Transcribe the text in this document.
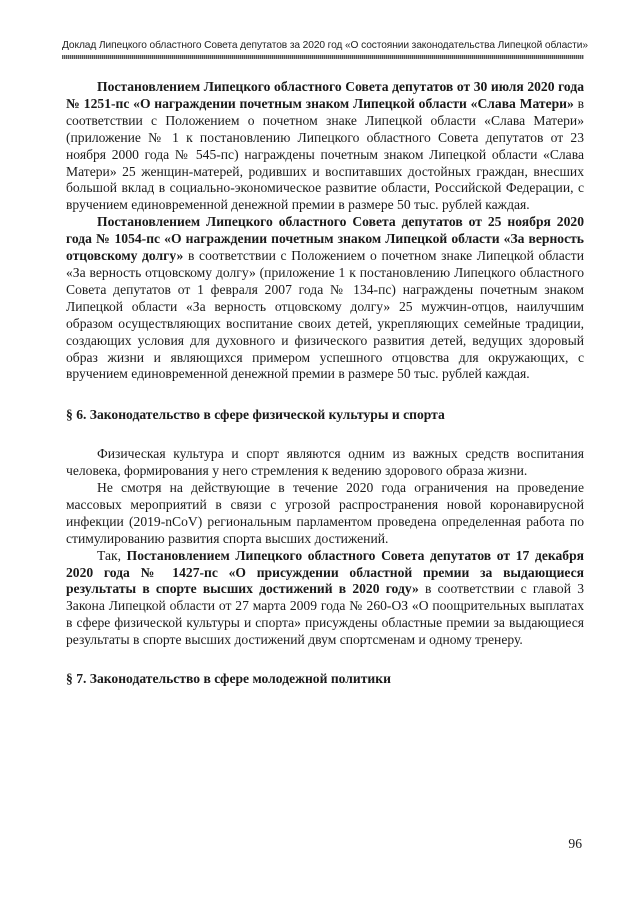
Доклад Липецкого областного Совета депутатов за 2020 год «О состоянии законодательства Липецкой области»

Постановлением Липецкого областного Совета депутатов от 30 июля 2020 года № 1251-пс «О награждении почетным знаком Липецкой области «Слава Матери» в соответствии с Положением о почетном знаке Липецкой области «Слава Матери» (приложение № 1 к постановлению Липецкого областного Совета депутатов от 23 ноября 2000 года № 545-пс) награждены почетным знаком Липецкой области «Слава Матери» 25 женщин-матерей, родивших и воспитавших достойных граждан, внесших большой вклад в социально-экономическое развитие области, Российской Федерации, с вручением единовременной денежной премии в размере 50 тыс. рублей каждая.

Постановлением Липецкого областного Совета депутатов от 25 ноября 2020 года № 1054-пс «О награждении почетным знаком Липецкой области «За верность отцовскому долгу» в соответствии с Положением о почетном знаке Липецкой области «За верность отцовскому долгу» (приложение 1 к постановлению Липецкого областного Совета депутатов от 1 февраля 2007 года № 134-пс) награждены почетным знаком Липецкой области «За верность отцовскому долгу» 25 мужчин-отцов, наилучшим образом осуществляющих воспитание своих детей, укрепляющих семейные традиции, создающих условия для духовного и физического развития детей, ведущих здоровый образ жизни и являющихся примером успешного отцовства для окружающих, с вручением единовременной денежной премии в размере 50 тыс. рублей каждая.

§ 6. Законодательство в сфере физической культуры и спорта

Физическая культура и спорт являются одним из важных средств воспитания человека, формирования у него стремления к ведению здорового образа жизни.

Не смотря на действующие в течение 2020 года ограничения на проведение массовых мероприятий в связи с угрозой распространения новой коронавирусной инфекции (2019-nCoV) региональным парламентом проведена определенная работа по стимулированию развития спорта высших достижений.

Так, Постановлением Липецкого областного Совета депутатов от 17 декабря 2020 года № 1427-пс «О присуждении областной премии за выдающиеся результаты в спорте высших достижений в 2020 году» в соответствии с главой 3 Закона Липецкой области от 27 марта 2009 года № 260-ОЗ «О поощрительных выплатах в сфере физической культуры и спорта» присуждены областные премии за выдающиеся результаты в спорте высших достижений двум спортсменам и одному тренеру.

§ 7. Законодательство в сфере молодежной политики

96
